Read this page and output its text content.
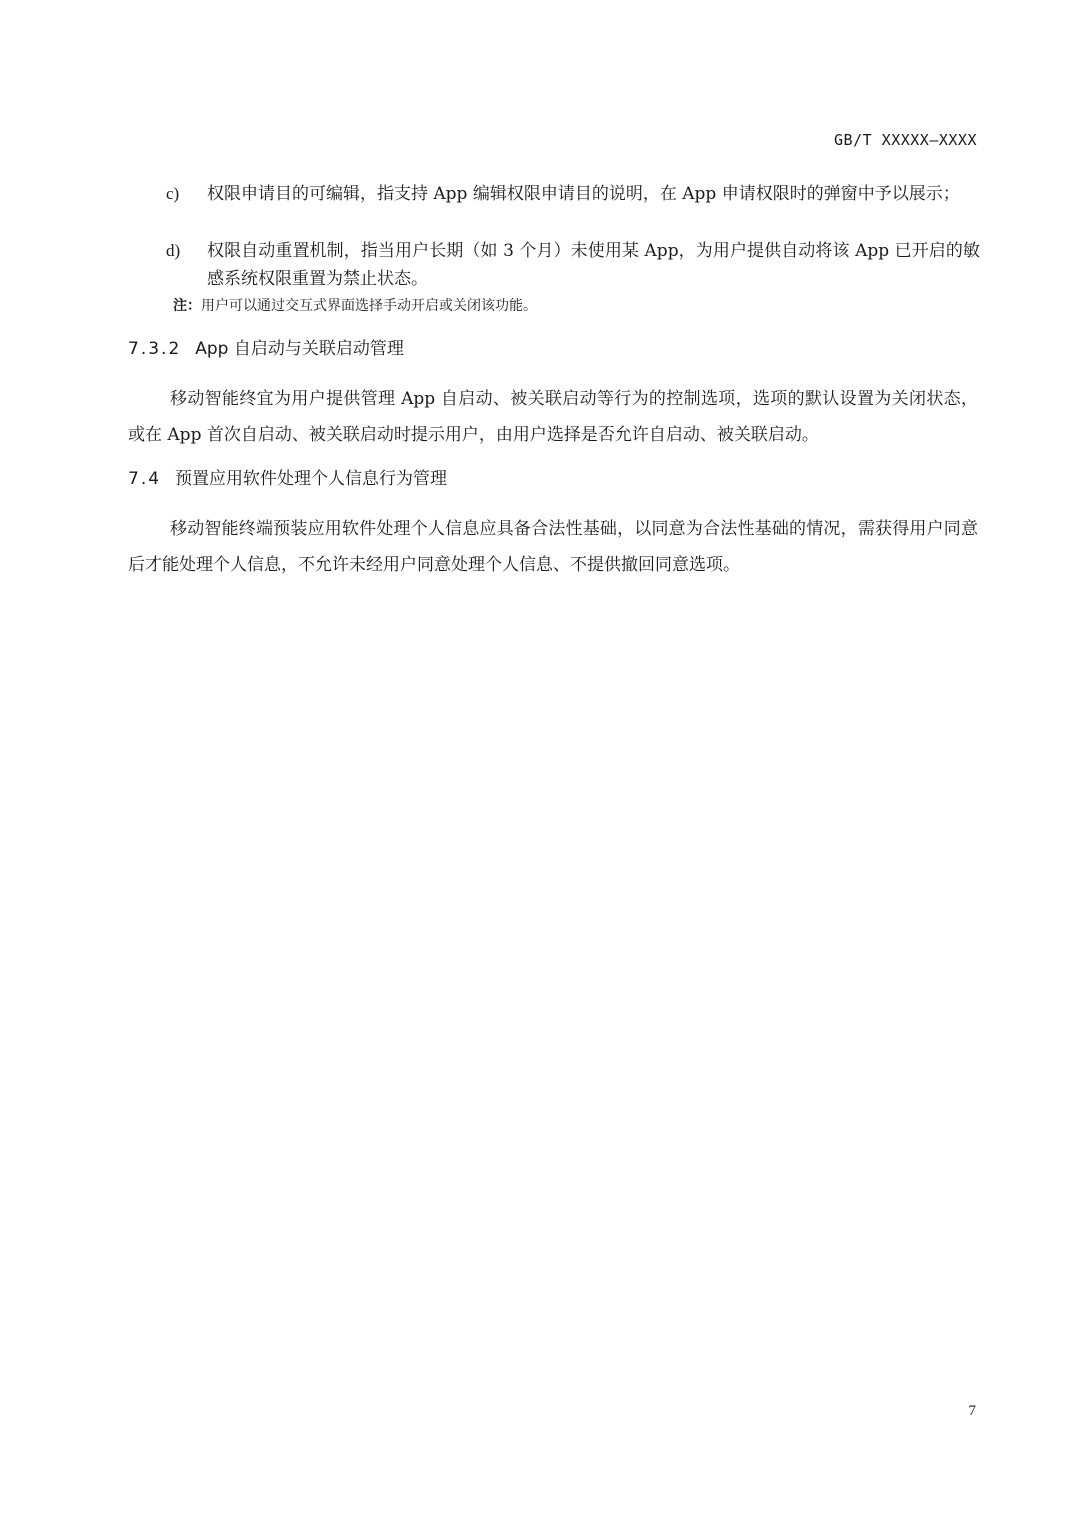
GB/T XXXXX—XXXX
c)	权限申请目的可编辑，指支持 App 编辑权限申请目的说明，在 App 申请权限时的弹窗中予以展示；
d)	权限自动重置机制，指当用户长期（如 3 个月）未使用某 App，为用户提供自动将该 App 已开启的敏感系统权限重置为禁止状态。
注：用户可以通过交互式界面选择手动开启或关闭该功能。
7.3.2 App 自启动与关联启动管理
移动智能终宜为用户提供管理 App 自启动、被关联启动等行为的控制选项，选项的默认设置为关闭状态，或在 App 首次自启动、被关联启动时提示用户，由用户选择是否允许自启动、被关联启动。
7.4 预置应用软件处理个人信息行为管理
移动智能终端预装应用软件处理个人信息应具备合法性基础，以同意为合法性基础的情况，需获得用户同意后才能处理个人信息，不允许未经用户同意处理个人信息、不提供撤回同意选项。
7
